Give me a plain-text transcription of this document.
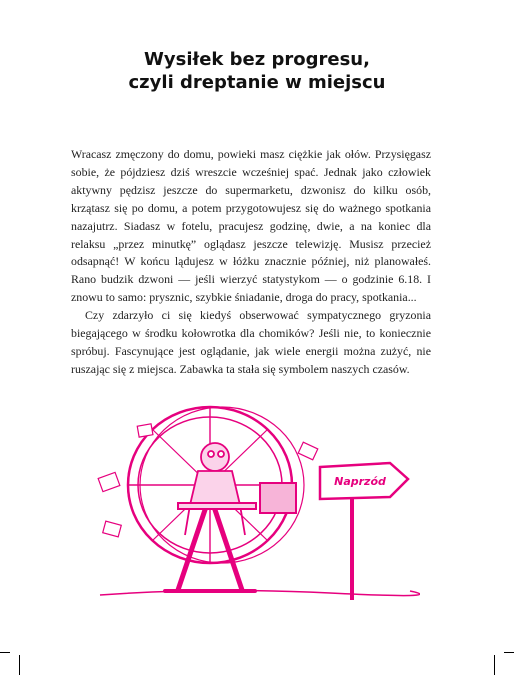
Wysiłek bez progresu,
czyli dreptanie w miejscu

Wracasz zmęczony do domu, powieki masz ciężkie jak ołów. Przysięgasz sobie, że pójdziesz dziś wreszcie wcześniej spać. Jednak jako człowiek aktywny pędzisz jeszcze do supermarketu, dzwonisz do kilku osób, krzątasz się po domu, a potem przygotowujesz się do ważnego spotkania nazajutrz. Siadasz w fotelu, pracujesz godzinę, dwie, a na koniec dla relaksu „przez minutkę” oglądasz jeszcze telewizję. Musisz przecież odsapnąć! W końcu lądujesz w łóżku znacznie później, niż planowałeś. Rano budzik dzwoni — jeśli wierzyć statystykom — o godzinie 6.18. I znowu to samo: prysznic, szybkie śniadanie, droga do pracy, spotkania...

Czy zdarzyło ci się kiedyś obserwować sympatycznego gryzonia biegającego w środku kołowrotka dla chomików? Jeśli nie, to koniecznie spróbuj. Fascynujące jest oglądanie, jak wiele energii można zużyć, nie ruszając się z miejsca. Zabawka ta stała się symbolem naszych czasów.

Naprzód
